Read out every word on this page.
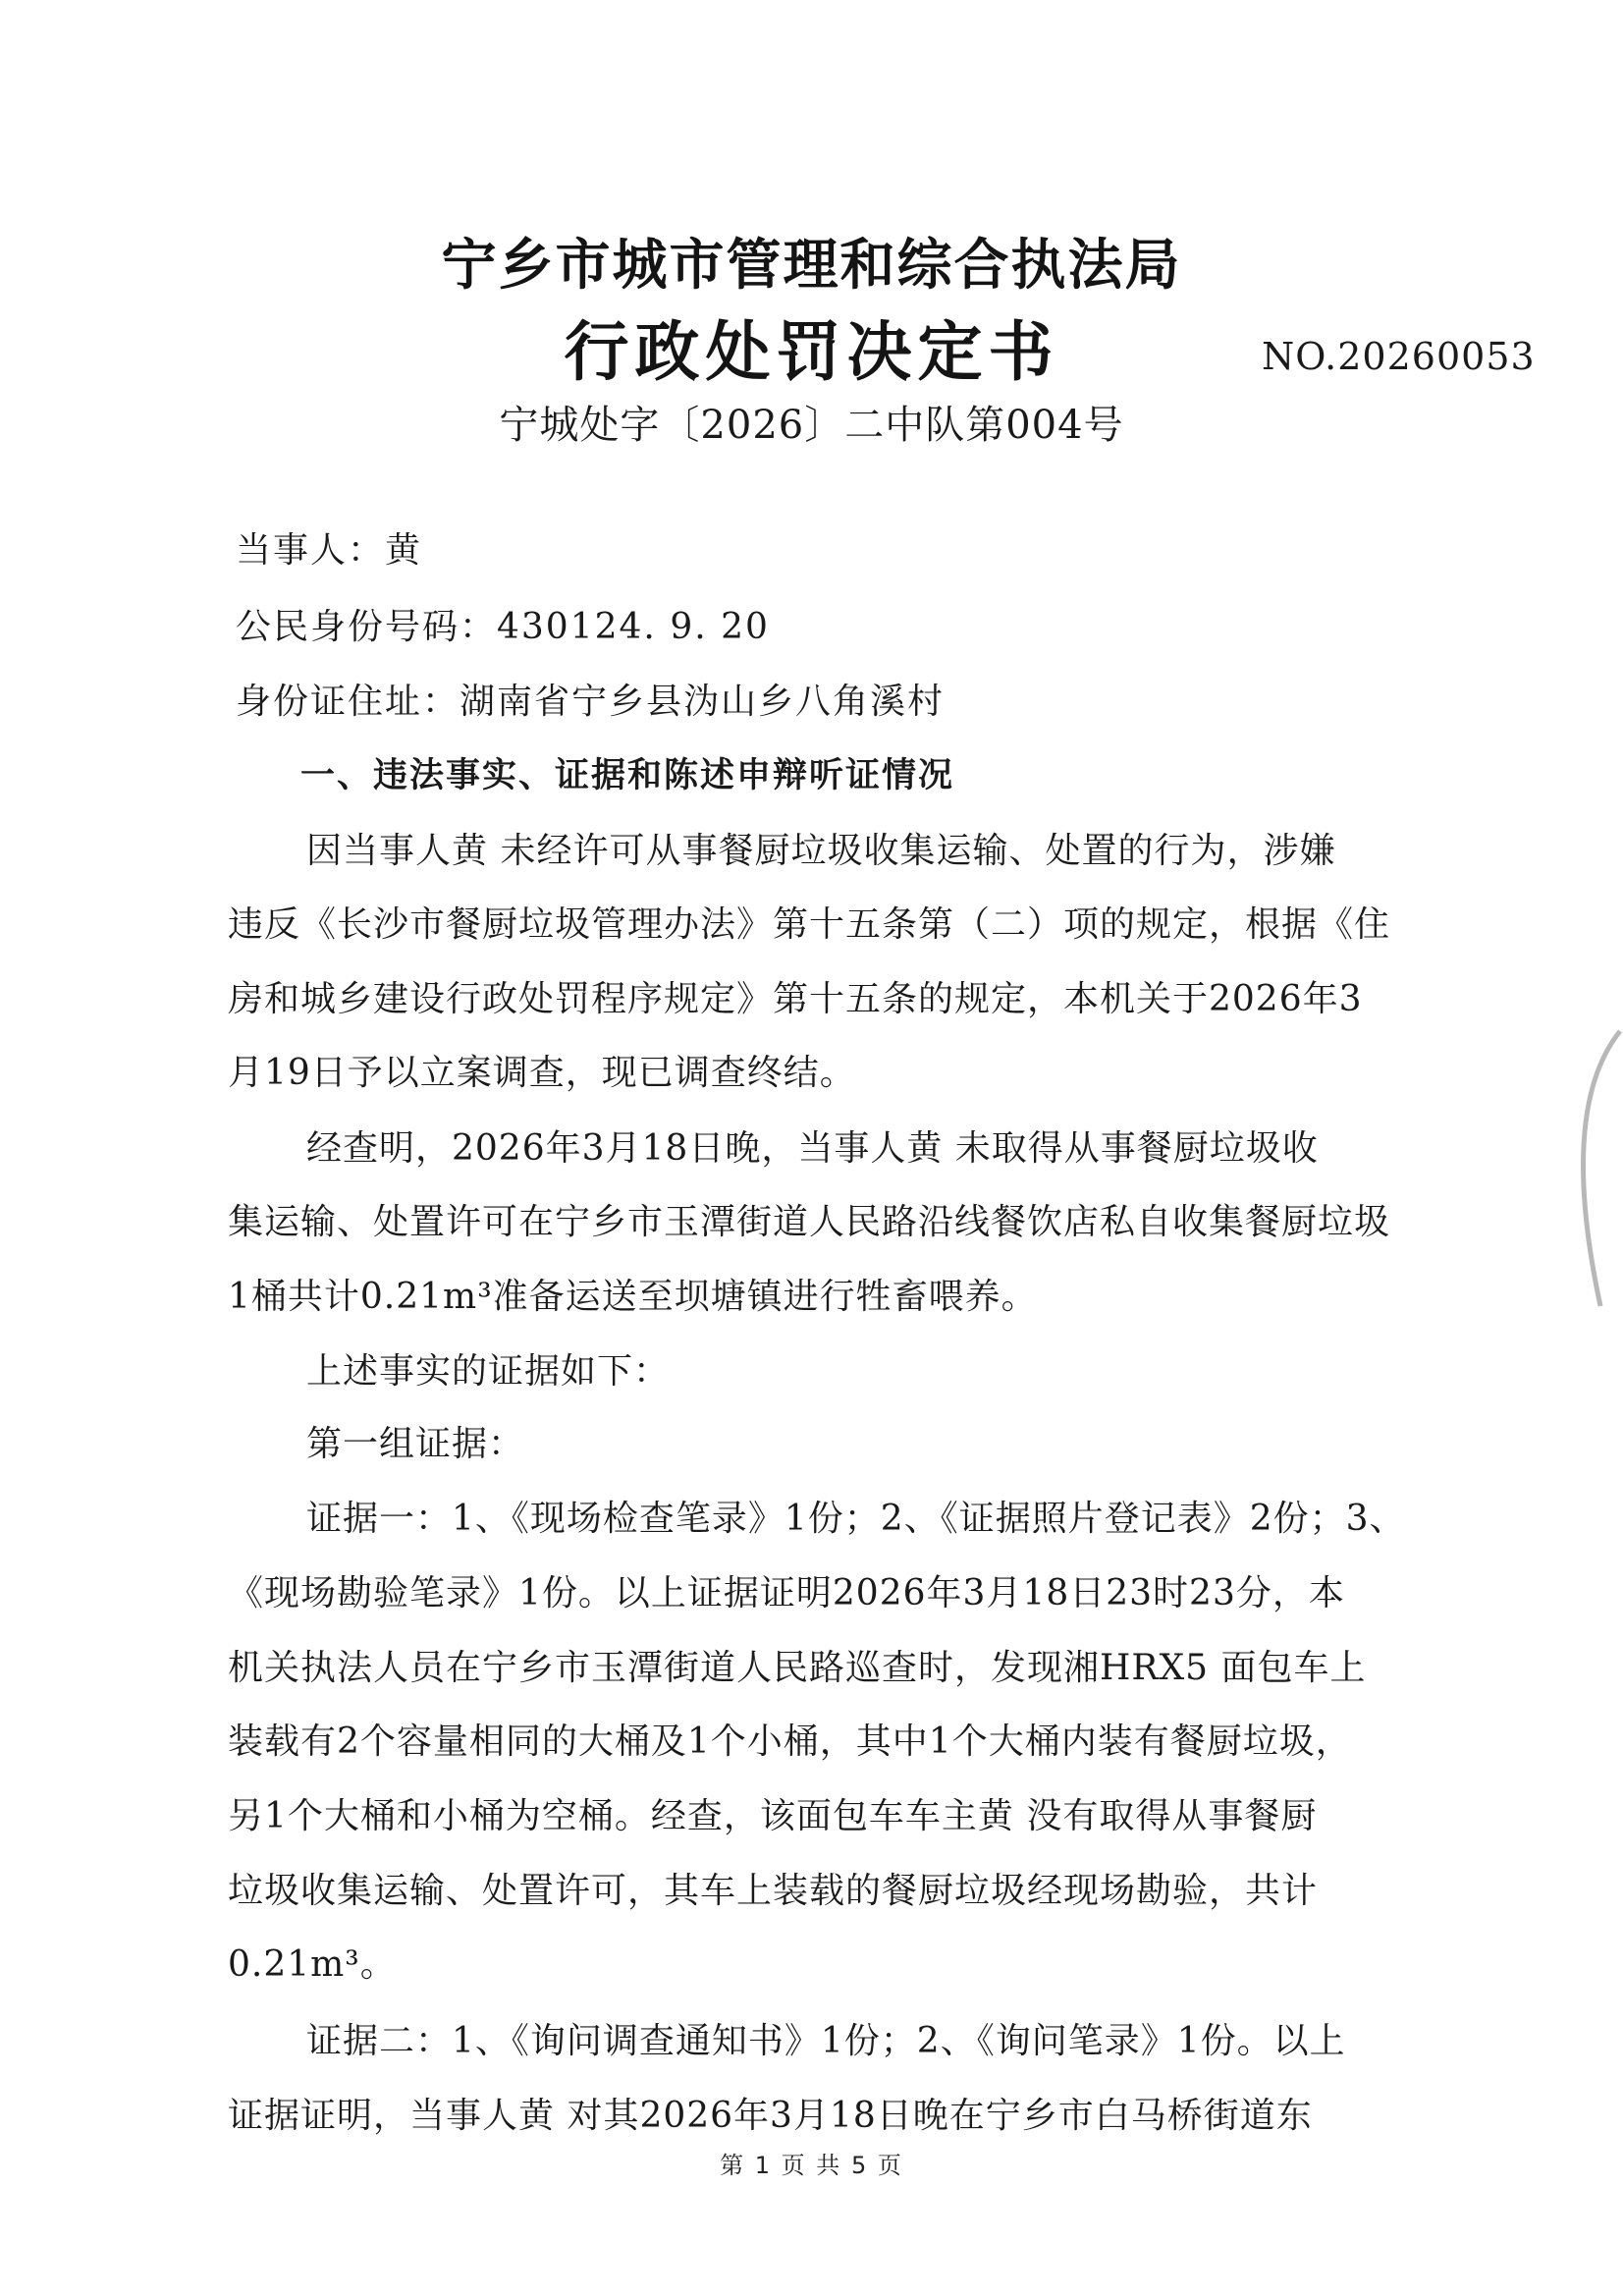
宁乡市城市管理和综合执法局
行政处罚决定书	NO.20260053
宁城处字〔2026〕二中队第004号
当事人：黄
公民身份号码：430124. 9. 20
身份证住址：湖南省宁乡县沩山乡八角溪村
一、违法事实、证据和陈述申辩听证情况
因当事人黄 未经许可从事餐厨垃圾收集运输、处置的行为，涉嫌
违反《长沙市餐厨垃圾管理办法》第十五条第（二）项的规定，根据《住
房和城乡建设行政处罚程序规定》第十五条的规定，本机关于2026年3
月19日予以立案调查，现已调查终结。
经查明，2026年3月18日晚，当事人黄 未取得从事餐厨垃圾收
集运输、处置许可在宁乡市玉潭街道人民路沿线餐饮店私自收集餐厨垃圾
1桶共计0.21m³准备运送至坝塘镇进行牲畜喂养。
上述事实的证据如下：
第一组证据：
证据一：1、《现场检查笔录》1份；2、《证据照片登记表》2份；3、
《现场勘验笔录》1份。以上证据证明2026年3月18日23时23分，本
机关执法人员在宁乡市玉潭街道人民路巡查时，发现湘HRX5 面包车上
装载有2个容量相同的大桶及1个小桶，其中1个大桶内装有餐厨垃圾，
另1个大桶和小桶为空桶。经查，该面包车车主黄 没有取得从事餐厨
垃圾收集运输、处置许可，其车上装载的餐厨垃圾经现场勘验，共计
0.21m³。
证据二：1、《询问调查通知书》1份；2、《询问笔录》1份。以上
证据证明，当事人黄 对其2026年3月18日晚在宁乡市白马桥街道东
第 1 页 共 5 页
